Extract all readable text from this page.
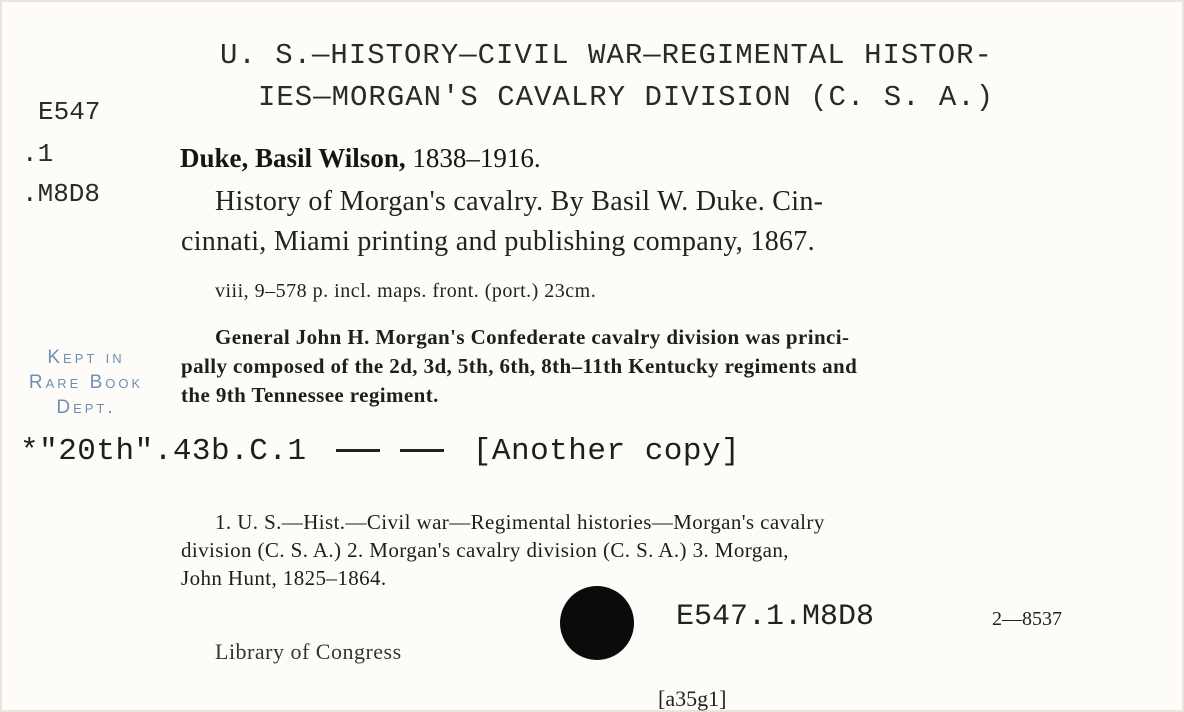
U. S.—HISTORY—CIVIL WAR—REGIMENTAL HISTOR-
IES—MORGAN'S CAVALRY DIVISION (C. S. A.)
E547
.1
.M8D8
Duke, Basil Wilson, 1838–1916.
History of Morgan's cavalry. By Basil W. Duke. Cin-
cinnati, Miami printing and publishing company, 1867.
viii, 9–578 p. incl. maps. front. (port.) 23cm.
General John H. Morgan's Confederate cavalry division was princi-
pally composed of the 2d, 3d, 5th, 6th, 8th–11th Kentucky regiments and
the 9th Tennessee regiment.
Kept in
Rare Book
Dept.
*"20th".43b.C.1	[Another copy]
1. U. S.—Hist.—Civil war—Regimental histories—Morgan's cavalry
division (C. S. A.) 2. Morgan's cavalry division (C. S. A.) 3. Morgan,
John Hunt, 1825–1864.
E547.1.M8D8	2—8537
Library of Congress
[a35g1]
